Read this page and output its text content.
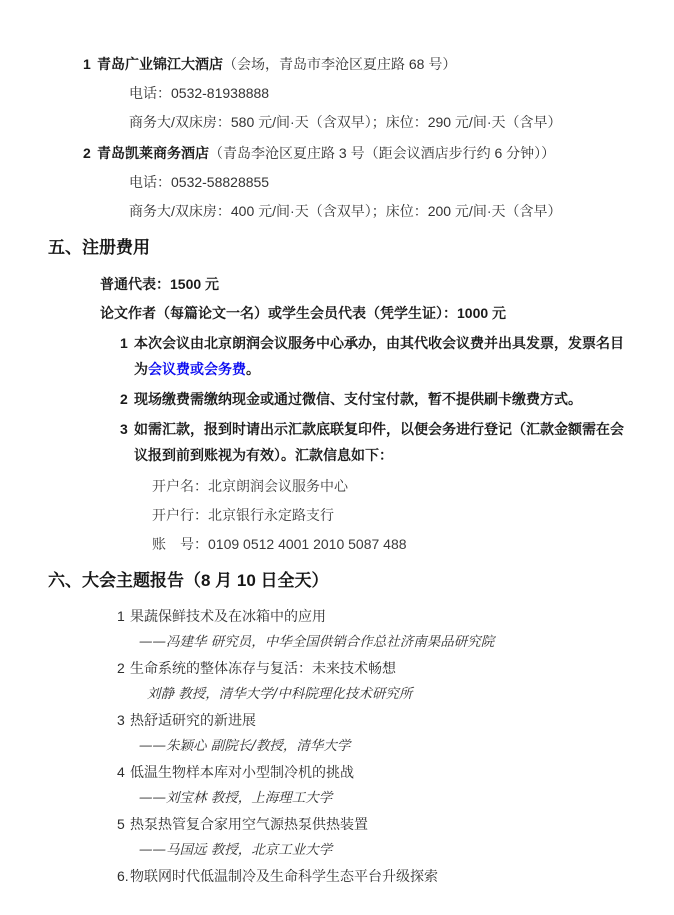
1 青岛广业锦江大酒店（会场，青岛市李沧区夏庄路 68 号）
电话：0532-81938888
商务大/双床房：580 元/间·天（含双早）；床位：290 元/间·天（含早）
2 青岛凯莱商务酒店（青岛李沧区夏庄路 3 号（距会议酒店步行约 6 分钟））
电话：0532-58828855
商务大/双床房：400 元/间·天（含双早）；床位：200 元/间·天（含早）
五、注册费用
普通代表：1500 元
论文作者（每篇论文一名）或学生会员代表（凭学生证）：1000 元
1 本次会议由北京朗润会议服务中心承办，由其代收会议费并出具发票，发票名目为会议费或会务费。
2 现场缴费需缴纳现金或通过微信、支付宝付款，暂不提供刷卡缴费方式。
3 如需汇款，报到时请出示汇款底联复印件，以便会务进行登记（汇款金额需在会议报到前到账视为有效）。汇款信息如下：
开户名：北京朗润会议服务中心
开户行：北京银行永定路支行
账　号：0109 0512 4001 2010 5087 488
六、大会主题报告（8 月 10 日全天）
1 果蔬保鲜技术及在冰箱中的应用
——冯建华 研究员，中华全国供销合作总社济南果品研究院
2 生命系统的整体冻存与复活：未来技术畅想
刘静 教授，清华大学/中科院理化技术研究所
3 热舒适研究的新进展
——朱颖心 副院长/教授，清华大学
4 低温生物样本库对小型制冷机的挑战
——刘宝林 教授，上海理工大学
5 热泵热管复合家用空气源热泵供热装置
——马国远 教授，北京工业大学
6.物联网时代低温制冷及生命科学生态平台升级探索
